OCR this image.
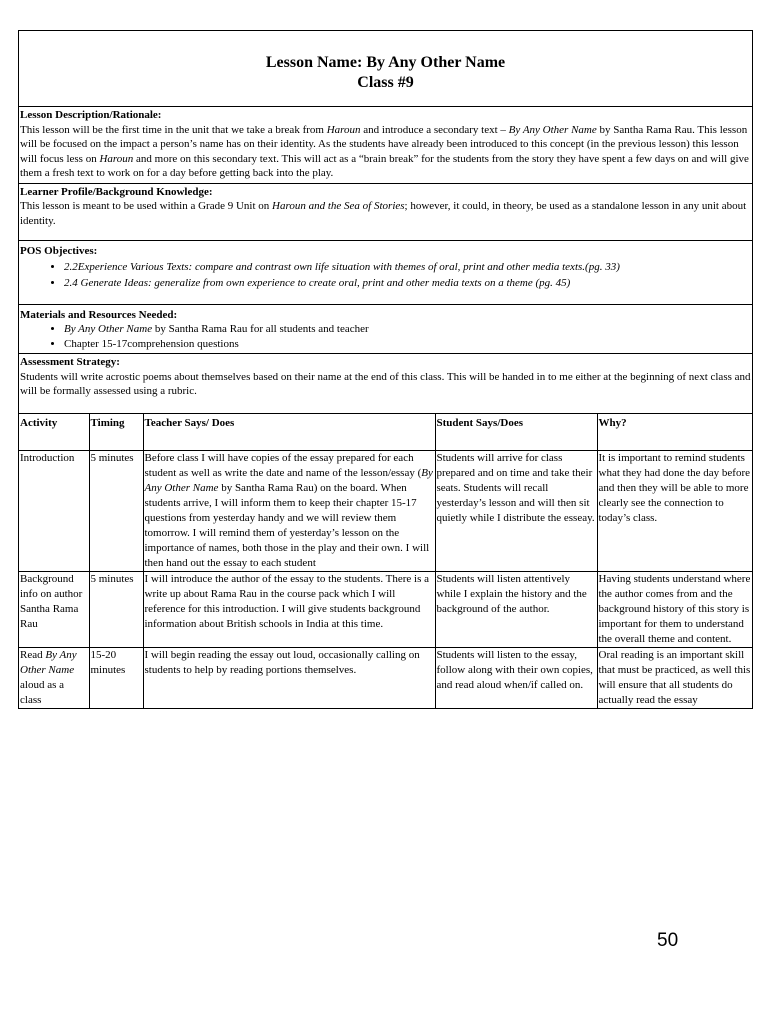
Lesson Name: By Any Other Name
Class #9
Lesson Description/Rationale:
This lesson will be the first time in the unit that we take a break from Haroun and introduce a secondary text – By Any Other Name by Santha Rama Rau. This lesson will be focused on the impact a person’s name has on their identity. As the students have already been introduced to this concept (in the previous lesson) this lesson will focus less on Haroun and more on this secondary text. This will act as a “brain break” for the students from the story they have spent a few days on and will give them a fresh text to work on for a day before getting back into the play.
Learner Profile/Background Knowledge:
This lesson is meant to be used within a Grade 9 Unit on Haroun and the Sea of Stories; however, it could, in theory, be used as a standalone lesson in any unit about identity.
POS Objectives:
• 2.2Experience Various Texts: compare and contrast own life situation with themes of oral, print and other media texts.(pg. 33)
• 2.4 Generate Ideas: generalize from own experience to create oral, print and other media texts on a theme (pg. 45)
Materials and Resources Needed:
• By Any Other Name by Santha Rama Rau for all students and teacher
• Chapter 15-17comprehension questions
Assessment Strategy:
Students will write acrostic poems about themselves based on their name at the end of this class. This will be handed in to me either at the beginning of next class and will be formally assessed using a rubric.
Activity	Timing	Teacher Says/ Does	Student Says/Does	Why?
Introduction	5 minutes	Before class I will have copies of the essay prepared for each student as well as write the date and name of the lesson/essay (By Any Other Name by Santha Rama Rau) on the board. When students arrive, I will inform them to keep their chapter 15-17 questions from yesterday handy and we will review them tomorrow. I will remind them of yesterday’s lesson on the importance of names, both those in the play and their own. I will then hand out the essay to each student	Students will arrive for class prepared and on time and take their seats. Students will recall yesterday’s lesson and will then sit quietly while I distribute the esseay.	It is important to remind students what they had done the day before and then they will be able to more clearly see the connection to today’s class.
Background info on author Santha Rama Rau	5 minutes	I will introduce the author of the essay to the students. There is a write up about Rama Rau in the course pack which I will reference for this introduction. I will give students background information about British schools in India at this time.	Students will listen attentively while I explain the history and the background of the author.	Having students understand where the author comes from and the background history of this story is important for them to understand the overall theme and content.
Read By Any Other Name aloud as a class	15-20 minutes	I will begin reading the essay out loud, occasionally calling on students to help by reading portions themselves.	Students will listen to the essay, follow along with their own copies, and read aloud when/if called on.	Oral reading is an important skill that must be practiced, as well this will ensure that all students do actually read the essay
50
